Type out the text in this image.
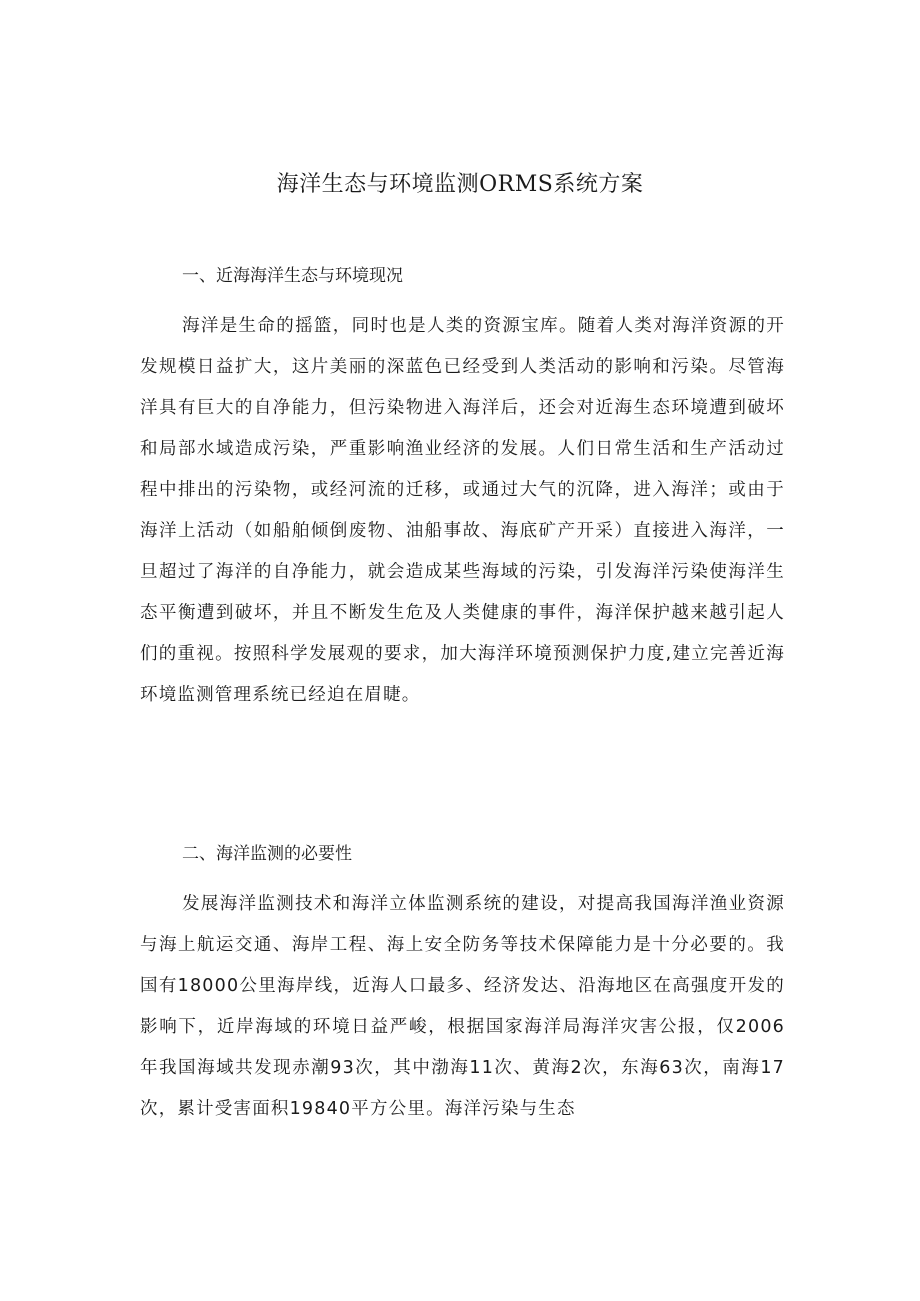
海洋生态与环境监测ORMS系统方案
一、近海海洋生态与环境现况

海洋是生命的摇篮，同时也是人类的资源宝库。随着人类对海洋资源的开发规模日益扩大，这片美丽的深蓝色已经受到人类活动的影响和污染。尽管海洋具有巨大的自净能力，但污染物进入海洋后，还会对近海生态环境遭到破坏和局部水域造成污染，严重影响渔业经济的发展。人们日常生活和生产活动过程中排出的污染物，或经河流的迁移，或通过大气的沉降，进入海洋；或由于海洋上活动（如船舶倾倒废物、油船事故、海底矿产开采）直接进入海洋，一旦超过了海洋的自净能力，就会造成某些海域的污染，引发海洋污染使海洋生态平衡遭到破坏，并且不断发生危及人类健康的事件，海洋保护越来越引起人们的重视。按照科学发展观的要求，加大海洋环境预测保护力度,建立完善近海环境监测管理系统已经迫在眉睫。

二、海洋监测的必要性

发展海洋监测技术和海洋立体监测系统的建设，对提高我国海洋渔业资源与海上航运交通、海岸工程、海上安全防务等技术保障能力是十分必要的。我国有18000公里海岸线，近海人口最多、经济发达、沿海地区在高强度开发的影响下，近岸海域的环境日益严峻，根据国家海洋局海洋灾害公报，仅2006年我国海域共发现赤潮93次，其中渤海11次、黄海2次，东海63次，南海17次，累计受害面积19840平方公里。海洋污染与生态
